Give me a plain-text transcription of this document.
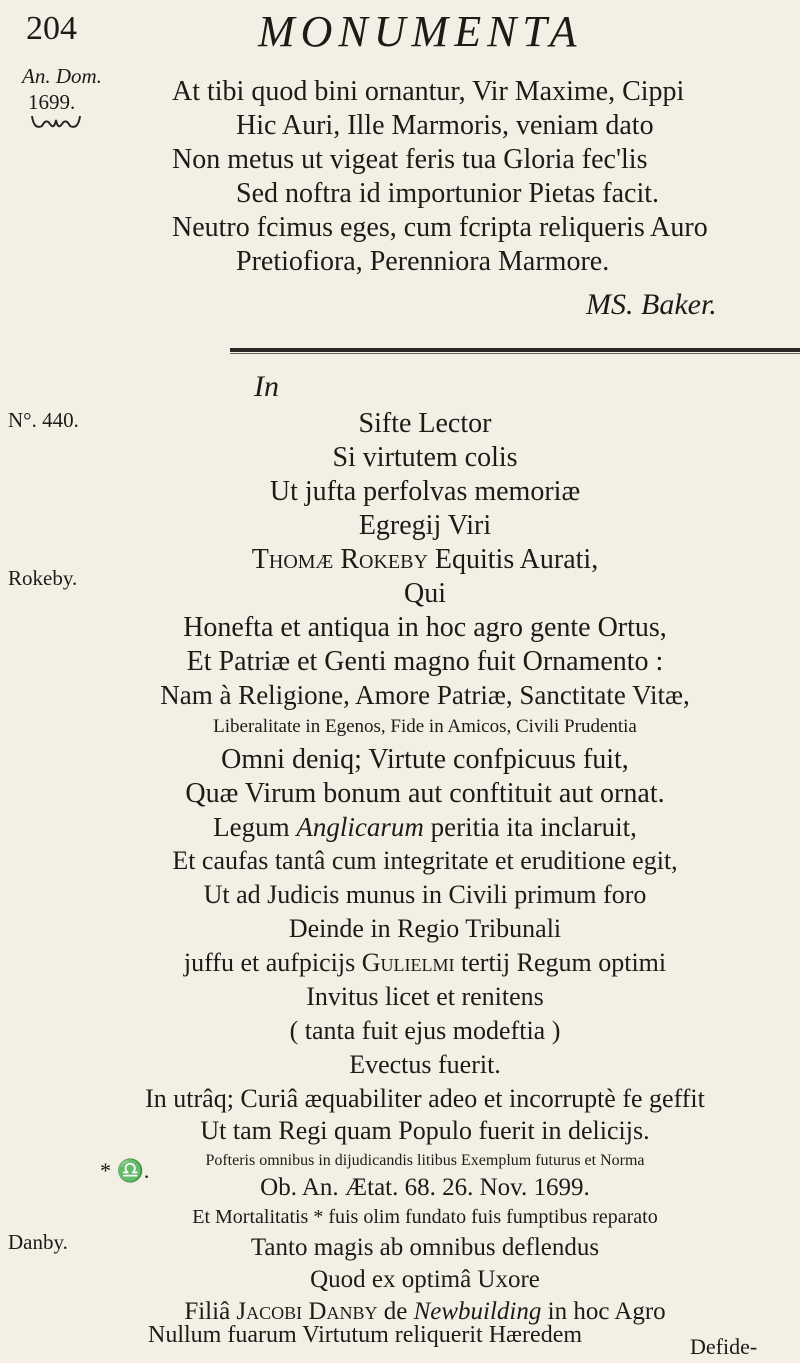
204	MONUMENTA
An. Dom.
1699.	At tibi quod bini ornantur, Vir Maxime, Cippi
Hic Auri, Ille Marmoris, veniam dato
Non metus ut vigeat feris tua Gloria fec'lis
Sed noftra id importunior Pietas facit.
Neutro fcimus eges, cum fcripta reliqueris Auro
Pretiofiora, Perenniora Marmore.
MS. Baker.
N°. 440.
Rokeby.
* ♎.
Danby.
In
Sifte Lector
Si virtutem colis
Ut jufta perfolvas memoriæ
Egregij Viri
Thomæ Rokeby Equitis Aurati,
Qui
Honefta et antiqua in hoc agro gente Ortus,
Et Patriæ et Genti magno fuit Ornamento :
Nam à Religione, Amore Patriæ, Sanctitate Vitæ,
Liberalitate in Egenos, Fide in Amicos, Civili Prudentia
Omni deniq; Virtute confpicuus fuit,
Quæ Virum bonum aut conftituit aut ornat.
Legum Anglicarum peritia ita inclaruit,
Et caufas tantâ cum integritate et eruditione egit,
Ut ad Judicis munus in Civili primum foro
Deinde in Regio Tribunali
juffu et aufpicijs Gulielmi tertij Regum optimi
Invitus licet et renitens
( tanta fuit ejus modeftia )
Evectus fuerit.
In utrâq; Curiâ æquabiliter adeo et incorruptè fe geffit
Ut tam Regi quam Populo fuerit in delicijs.
Pofteris omnibus in dijudicandis litibus Exemplum futurus et Norma
Ob. An. Ætat. 68. 26. Nov. 1699.
Et Mortalitatis * fuis olim fundato fuis fumptibus reparato
Tanto magis ab omnibus deflendus
Quod ex optimâ Uxore
Filiâ Jacobi Danby de Newbuilding in hoc Agro
Nullum fuarum Virtutum reliquerit Hæredem	Defide-
